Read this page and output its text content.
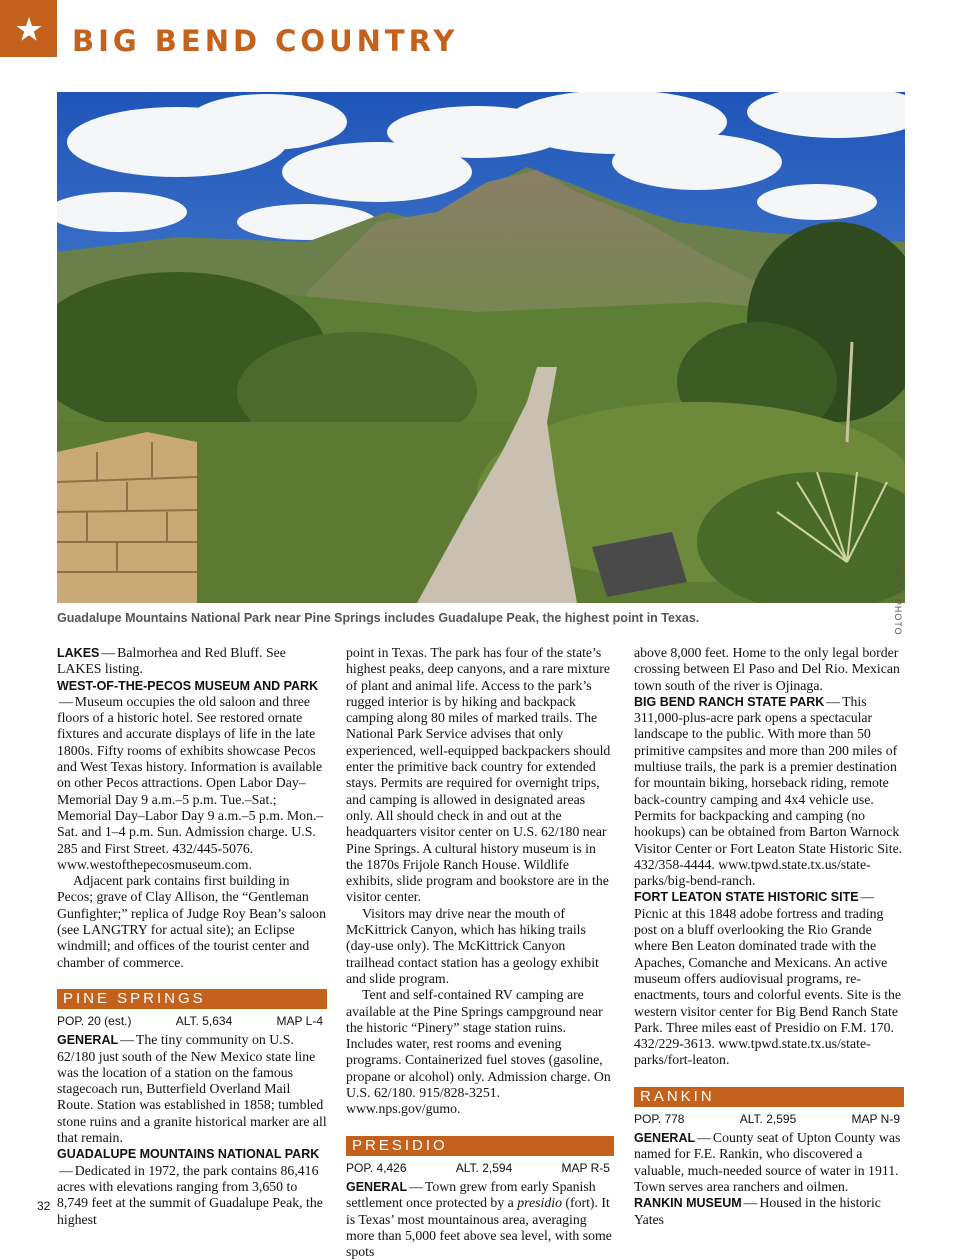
BIG BEND COUNTRY
TXDOT PHOTO
Guadalupe Mountains National Park near Pine Springs includes Guadalupe Peak, the highest point in Texas.

LAKES — Balmorhea and Red Bluff. See LAKES listing.

WEST-OF-THE-PECOS MUSEUM AND PARK— Museum occupies the old saloon and three floors of a historic hotel. See restored ornate fixtures and accurate displays of life in the late 1800s. Fifty rooms of exhibits showcase Pecos and West Texas history. Information is available on other Pecos attractions. Open Labor Day–Memorial Day 9 a.m.–5 p.m. Tue.–Sat.; Memorial Day–Labor Day 9 a.m.–5 p.m. Mon.–Sat. and 1–4 p.m. Sun. Admission charge. U.S. 285 and First Street. 432/445-5076. www.westofthepecosmuseum.com.

Adjacent park contains first building in Pecos; grave of Clay Allison, the “Gentleman Gunfighter;” replica of Judge Roy Bean’s saloon (see LANGTRY for actual site); an Eclipse windmill; and offices of the tourist center and chamber of commerce.

PINE SPRINGS
POP. 20 (est.)	ALT. 5,634	MAP L-4

GENERAL — The tiny community on U.S. 62/180 just south of the New Mexico state line was the location of a station on the famous stagecoach run, Butterfield Overland Mail Route. Station was established in 1858; tumbled stone ruins and a granite historical marker are all that remain.

GUADALUPE MOUNTAINS NATIONAL PARK— Dedicated in 1972, the park contains 86,416 acres with elevations ranging from 3,650 to 8,749 feet at the summit of Guadalupe Peak, the highest

point in Texas. The park has four of the state’s highest peaks, deep canyons, and a rare mixture of plant and animal life. Access to the park’s rugged interior is by hiking and backpack camping along 80 miles of marked trails. The National Park Service advises that only experienced, well-equipped backpackers should enter the primitive back country for extended stays. Permits are required for overnight trips, and camping is allowed in designated areas only. All should check in and out at the headquarters visitor center on U.S. 62/180 near Pine Springs. A cultural history museum is in the 1870s Frijole Ranch House. Wildlife exhibits, slide program and bookstore are in the visitor center.

Visitors may drive near the mouth of McKittrick Canyon, which has hiking trails (day-use only). The McKittrick Canyon trailhead contact station has a geology exhibit and slide program.

Tent and self-contained RV camping are available at the Pine Springs campground near the historic “Pinery” stage station ruins. Includes water, rest rooms and evening programs. Containerized fuel stoves (gasoline, propane or alcohol) only. Admission charge. On U.S. 62/180. 915/828-3251. www.nps.gov/gumo.

PRESIDIO
POP. 4,426	ALT. 2,594	MAP R-5

GENERAL — Town grew from early Spanish settlement once protected by a presidio (fort). It is Texas’ most mountainous area, averaging more than 5,000 feet above sea level, with some spots

above 8,000 feet. Home to the only legal border crossing between El Paso and Del Rio. Mexican town south of the river is Ojinaga.

BIG BEND RANCH STATE PARK — This 311,000-plus-acre park opens a spectacular landscape to the public. With more than 50 primitive campsites and more than 200 miles of multiuse trails, the park is a premier destination for mountain biking, horseback riding, remote back-country camping and 4x4 vehicle use. Permits for backpacking and camping (no hookups) can be obtained from Barton Warnock Visitor Center or Fort Leaton State Historic Site. 432/358-4444. www.tpwd.state.tx.us/state-parks/big-bend-ranch.

FORT LEATON STATE HISTORIC SITE —Picnic at this 1848 adobe fortress and trading post on a bluff overlooking the Rio Grande where Ben Leaton dominated trade with the Apaches, Comanche and Mexicans. An active museum offers audiovisual programs, re-enactments, tours and colorful events. Site is the western visitor center for Big Bend Ranch State Park. Three miles east of Presidio on F.M. 170. 432/229-3613. www.tpwd.state.tx.us/state-parks/fort-leaton.

RANKIN
POP. 778	ALT. 2,595	MAP N-9

GENERAL — County seat of Upton County was named for F.E. Rankin, who discovered a valuable, much-needed source of water in 1911. Town serves area ranchers and oilmen.

RANKIN MUSEUM — Housed in the historic Yates

32
